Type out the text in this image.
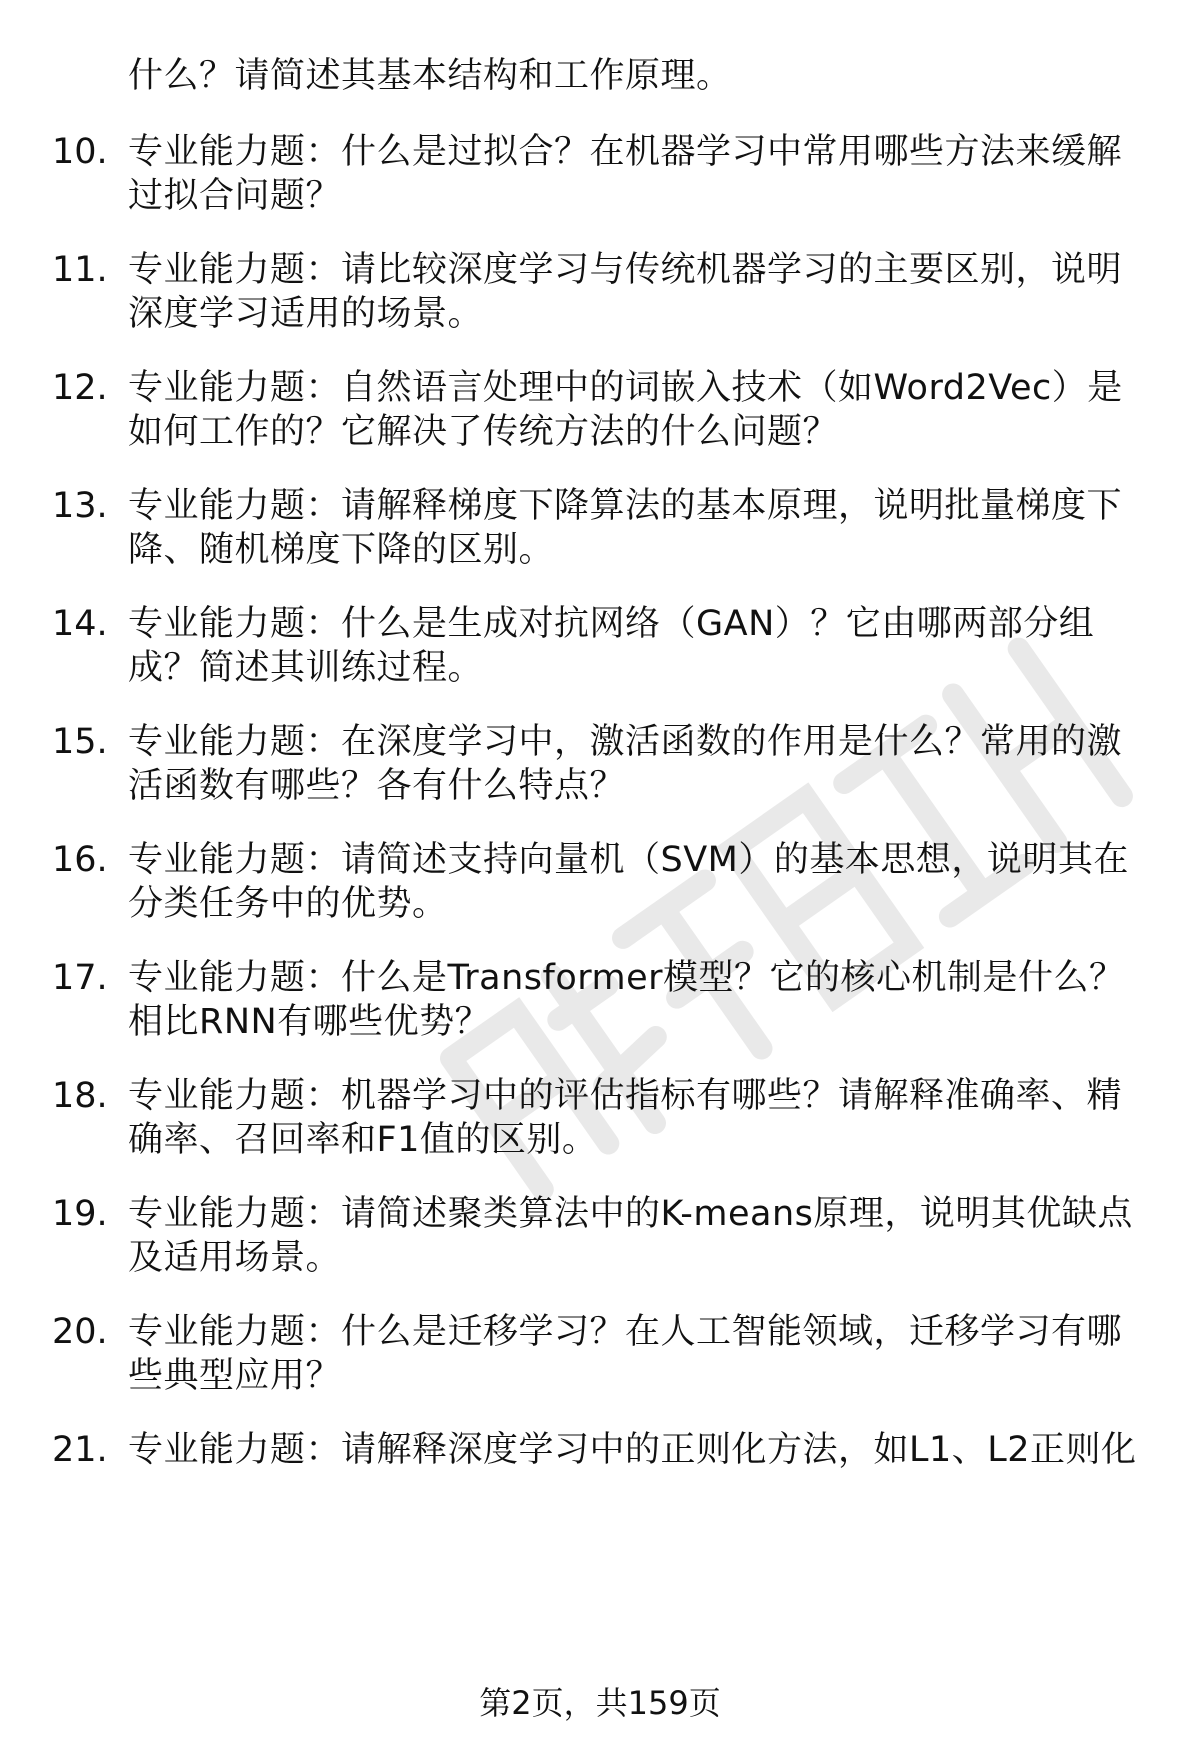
什么？请简述其基本结构和工作原理。
10. 专业能力题：什么是过拟合？在机器学习中常用哪些方法来缓解
过拟合问题？
11. 专业能力题：请比较深度学习与传统机器学习的主要区别，说明
深度学习适用的场景。
12. 专业能力题：自然语言处理中的词嵌入技术（如Word2Vec）是
如何工作的？它解决了传统方法的什么问题？
13. 专业能力题：请解释梯度下降算法的基本原理，说明批量梯度下
降、随机梯度下降的区别。
14. 专业能力题：什么是生成对抗网络（GAN）？它由哪两部分组
成？简述其训练过程。
15. 专业能力题：在深度学习中，激活函数的作用是什么？常用的激
活函数有哪些？各有什么特点？
16. 专业能力题：请简述支持向量机（SVM）的基本思想，说明其在
分类任务中的优势。
17. 专业能力题：什么是Transformer模型？它的核心机制是什么？
相比RNN有哪些优势？
18. 专业能力题：机器学习中的评估指标有哪些？请解释准确率、精
确率、召回率和F1值的区别。
19. 专业能力题：请简述聚类算法中的K-means原理，说明其优缺点
及适用场景。
20. 专业能力题：什么是迁移学习？在人工智能领域，迁移学习有哪
些典型应用？
21. 专业能力题：请解释深度学习中的正则化方法，如L1、L2正则化
第2页，共159页
